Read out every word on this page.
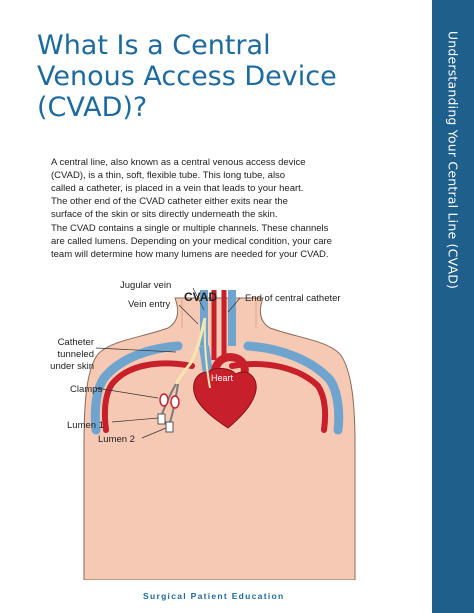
What Is a Central
Venous Access Device
(CVAD)?

A central line, also known as a central venous access device
(CVAD), is a thin, soft, flexible tube. This long tube, also
called a catheter, is placed in a vein that leads to your heart.
The other end of the CVAD catheter either exits near the
surface of the skin or sits directly underneath the skin.

The CVAD contains a single or multiple channels. These channels
are called lumens. Depending on your medical condition, your care
team will determine how many lumens are needed for your CVAD.

CVAD
Jugular vein
Vein entry
End of central catheter
Catheter
tunneled
under skin
Clamps
Lumen 1
Lumen 2
Heart
Understanding Your Central Line (CVAD)
Surgical Patient Education
